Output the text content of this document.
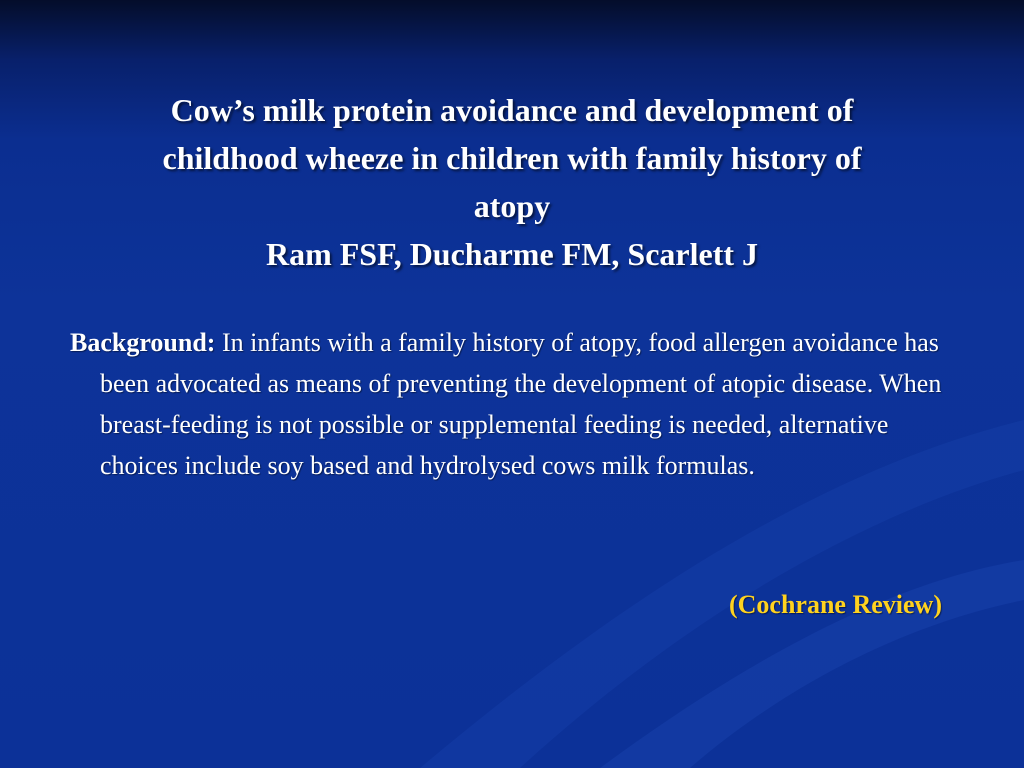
Cow’s milk protein avoidance and development of
childhood wheeze in children with family history of
atopy
Ram FSF, Ducharme FM, Scarlett J
Background: In infants with a family history of atopy, food allergen avoidance has been advocated as means of preventing the development of atopic disease. When breast-feeding is not possible or supplemental feeding is needed, alternative choices include soy based and hydrolysed cows milk formulas.
(Cochrane Review)
